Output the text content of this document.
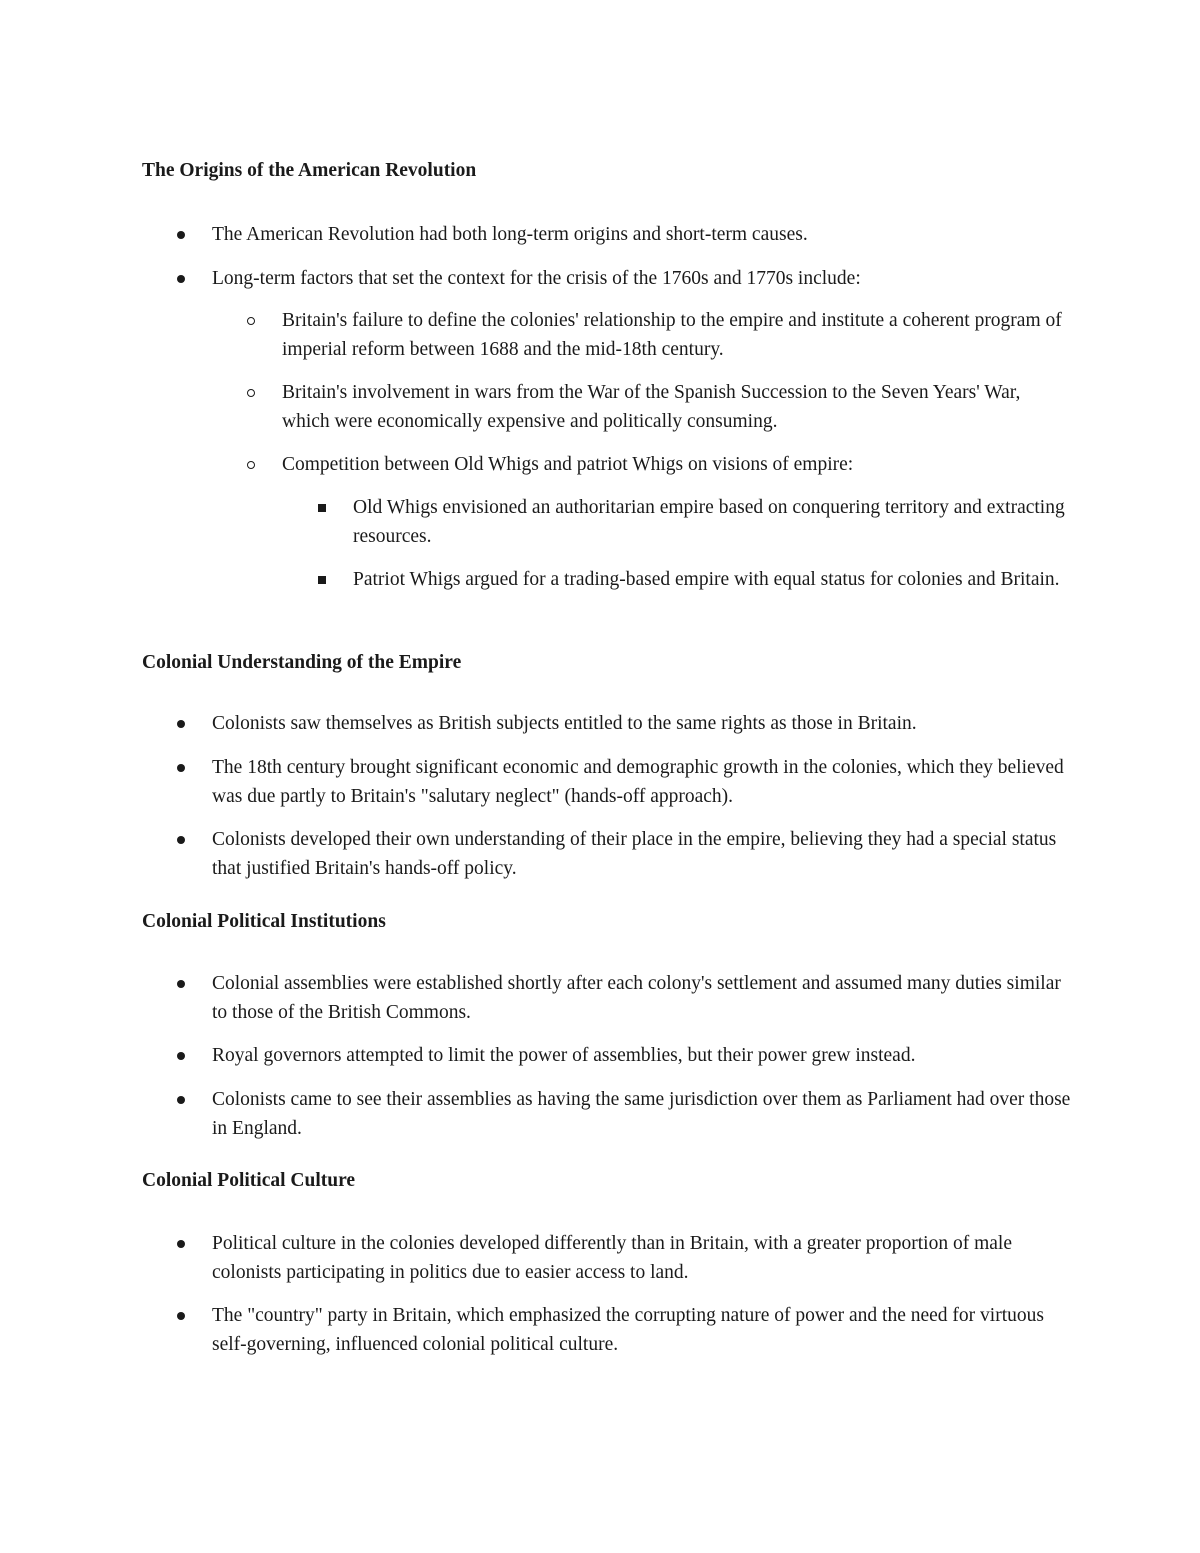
The Origins of the American Revolution
The American Revolution had both long-term origins and short-term causes.
Long-term factors that set the context for the crisis of the 1760s and 1770s include:
Britain's failure to define the colonies' relationship to the empire and institute a coherent program of imperial reform between 1688 and the mid-18th century.
Britain's involvement in wars from the War of the Spanish Succession to the Seven Years' War, which were economically expensive and politically consuming.
Competition between Old Whigs and patriot Whigs on visions of empire:
Old Whigs envisioned an authoritarian empire based on conquering territory and extracting resources.
Patriot Whigs argued for a trading-based empire with equal status for colonies and Britain.
Colonial Understanding of the Empire
Colonists saw themselves as British subjects entitled to the same rights as those in Britain.
The 18th century brought significant economic and demographic growth in the colonies, which they believed was due partly to Britain's "salutary neglect" (hands-off approach).
Colonists developed their own understanding of their place in the empire, believing they had a special status that justified Britain's hands-off policy.
Colonial Political Institutions
Colonial assemblies were established shortly after each colony's settlement and assumed many duties similar to those of the British Commons.
Royal governors attempted to limit the power of assemblies, but their power grew instead.
Colonists came to see their assemblies as having the same jurisdiction over them as Parliament had over those in England.
Colonial Political Culture
Political culture in the colonies developed differently than in Britain, with a greater proportion of male colonists participating in politics due to easier access to land.
The "country" party in Britain, which emphasized the corrupting nature of power and the need for virtuous self-governing, influenced colonial political culture.
